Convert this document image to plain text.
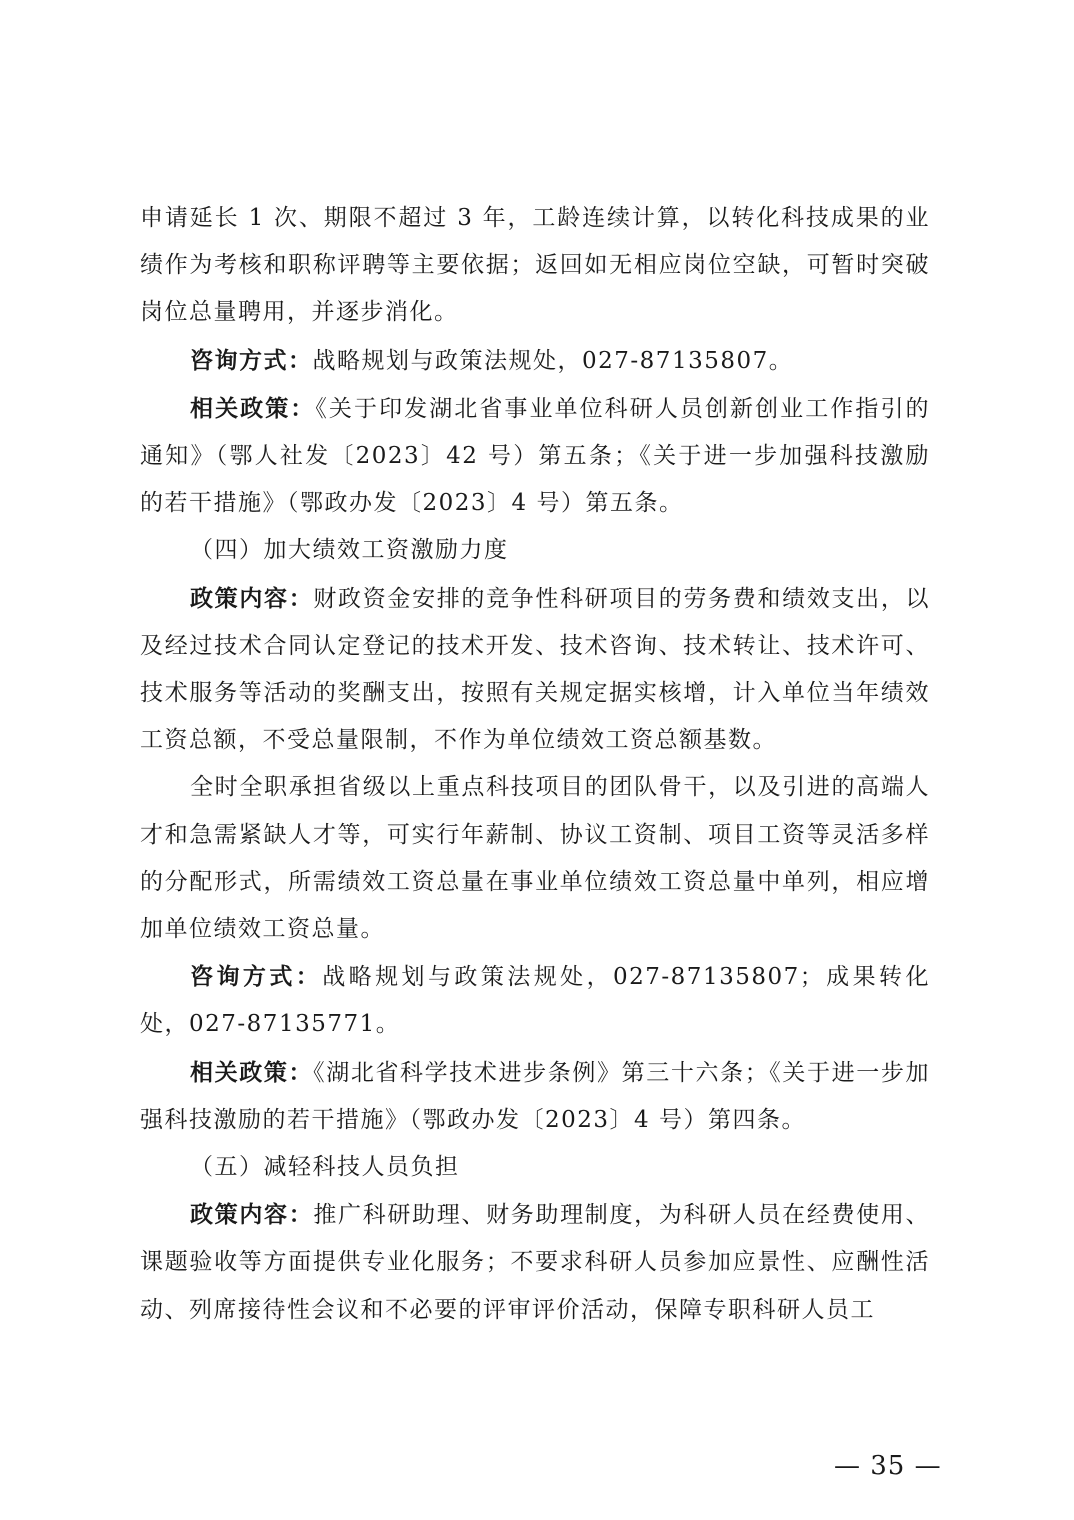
申请延长 1 次、期限不超过 3 年，工龄连续计算，以转化科技成果的业绩作为考核和职称评聘等主要依据；返回如无相应岗位空缺，可暂时突破岗位总量聘用，并逐步消化。

咨询方式：战略规划与政策法规处，027-87135807。

相关政策：《关于印发湖北省事业单位科研人员创新创业工作指引的通知》（鄂人社发〔2023〕42 号）第五条；《关于进一步加强科技激励的若干措施》（鄂政办发〔2023〕4 号）第五条。

（四）加大绩效工资激励力度

政策内容：财政资金安排的竞争性科研项目的劳务费和绩效支出，以及经过技术合同认定登记的技术开发、技术咨询、技术转让、技术许可、技术服务等活动的奖酬支出，按照有关规定据实核增，计入单位当年绩效工资总额，不受总量限制，不作为单位绩效工资总额基数。

全时全职承担省级以上重点科技项目的团队骨干，以及引进的高端人才和急需紧缺人才等，可实行年薪制、协议工资制、项目工资等灵活多样的分配形式，所需绩效工资总量在事业单位绩效工资总量中单列，相应增加单位绩效工资总量。

咨询方式：战略规划与政策法规处，027-87135807；成果转化处，027-87135771。

相关政策：《湖北省科学技术进步条例》第三十六条；《关于进一步加强科技激励的若干措施》（鄂政办发〔2023〕4 号）第四条。

（五）减轻科技人员负担

政策内容：推广科研助理、财务助理制度，为科研人员在经费使用、课题验收等方面提供专业化服务；不要求科研人员参加应景性、应酬性活动、列席接待性会议和不必要的评审评价活动，保障专职科研人员工

— 35 —
